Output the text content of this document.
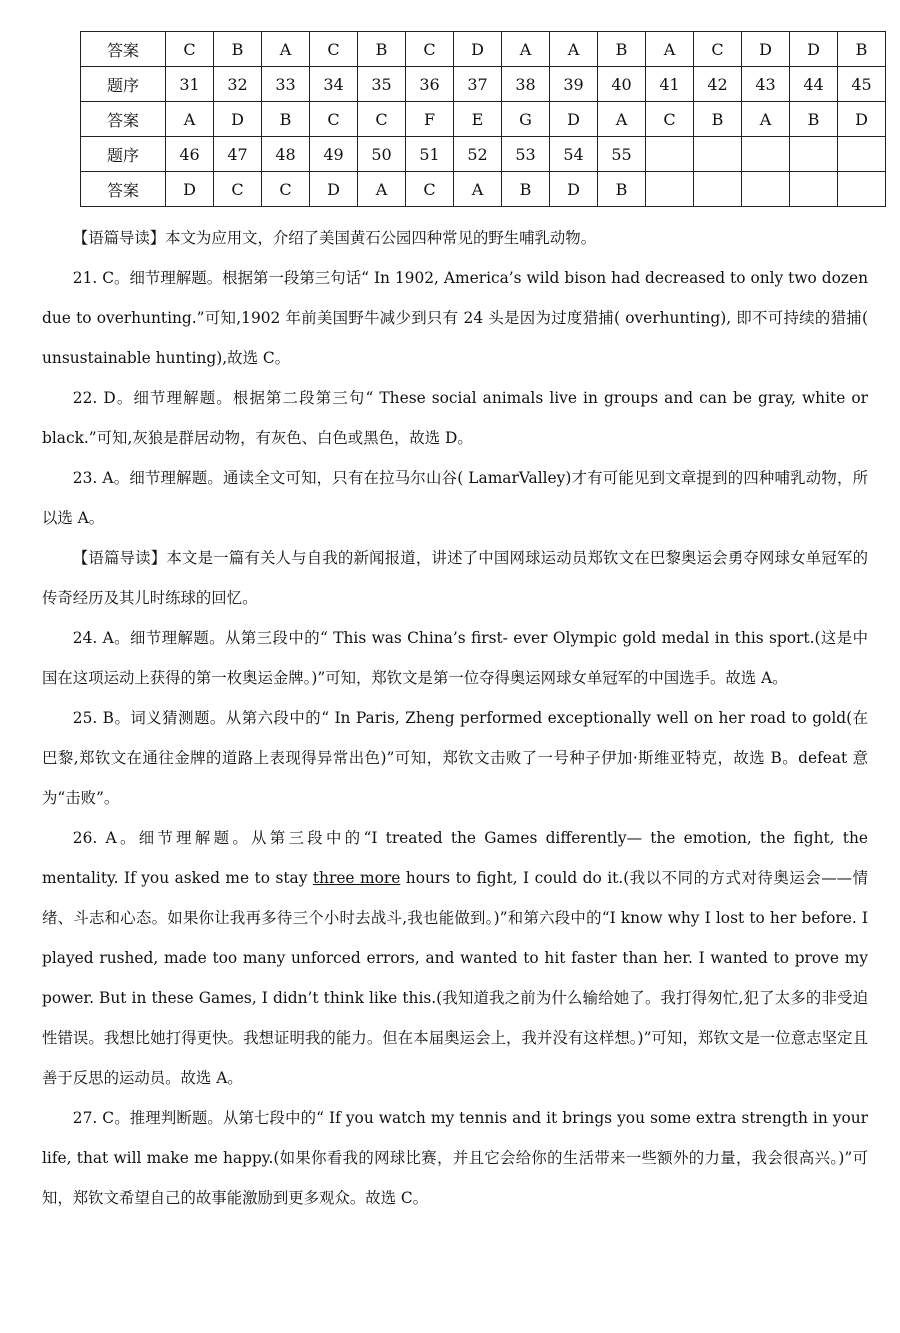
答案	C	B	A	C	B	C	D	A	A	B	A	C	D	D	B
题序	31	32	33	34	35	36	37	38	39	40	41	42	43	44	45
答案	A	D	B	C	C	F	E	G	D	A	C	B	A	B	D
题序	46	47	48	49	50	51	52	53	54	55					
答案	D	C	C	D	A	C	A	B	D	B					

【语篇导读】本文为应用文，介绍了美国黄石公园四种常见的野生哺乳动物。

21. C。细节理解题。根据第一段第三句话“ In 1902, America’s wild bison had decreased to only two dozen due to overhunting.”可知,1902 年前美国野牛减少到只有 24 头是因为过度猎捕( overhunting), 即不可持续的猎捕( unsustainable hunting),故选 C。

22. D。细节理解题。根据第二段第三句“ These social animals live in groups and can be gray, white or black.”可知,灰狼是群居动物，有灰色、白色或黑色，故选 D。

23. A。细节理解题。通读全文可知，只有在拉马尔山谷( LamarValley)才有可能见到文章提到的四种哺乳动物，所以选 A。

【语篇导读】本文是一篇有关人与自我的新闻报道，讲述了中国网球运动员郑钦文在巴黎奥运会勇夺网球女单冠军的传奇经历及其儿时练球的回忆。

24. A。细节理解题。从第三段中的“ This was China’s first- ever Olympic gold medal in this sport.(这是中国在这项运动上获得的第一枚奥运金牌。)”可知，郑钦文是第一位夺得奥运网球女单冠军的中国选手。故选 A。

25. B。词义猜测题。从第六段中的“ In Paris, Zheng performed exceptionally well on her road to gold(在巴黎,郑钦文在通往金牌的道路上表现得异常出色)”可知，郑钦文击败了一号种子伊加·斯维亚特克，故选 B。defeat 意为“击败”。

26. A。细节理解题。从第三段中的“I treated the Games differently— the emotion, the fight, the mentality. If you asked me to stay three more hours to fight, I could do it.(我以不同的方式对待奥运会——情绪、斗志和心态。如果你让我再多待三个小时去战斗,我也能做到。)”和第六段中的“I know why I lost to her before. I played rushed, made too many unforced errors, and wanted to hit faster than her. I wanted to prove my power. But in these Games, I didn’t think like this.(我知道我之前为什么输给她了。我打得匆忙,犯了太多的非受迫性错误。我想比她打得更快。我想证明我的能力。但在本届奥运会上，我并没有这样想。)”可知，郑钦文是一位意志坚定且善于反思的运动员。故选 A。

27. C。推理判断题。从第七段中的“ If you watch my tennis and it brings you some extra strength in your life, that will make me happy.(如果你看我的网球比赛，并且它会给你的生活带来一些额外的力量，我会很高兴。)”可知，郑钦文希望自己的故事能激励到更多观众。故选 C。
